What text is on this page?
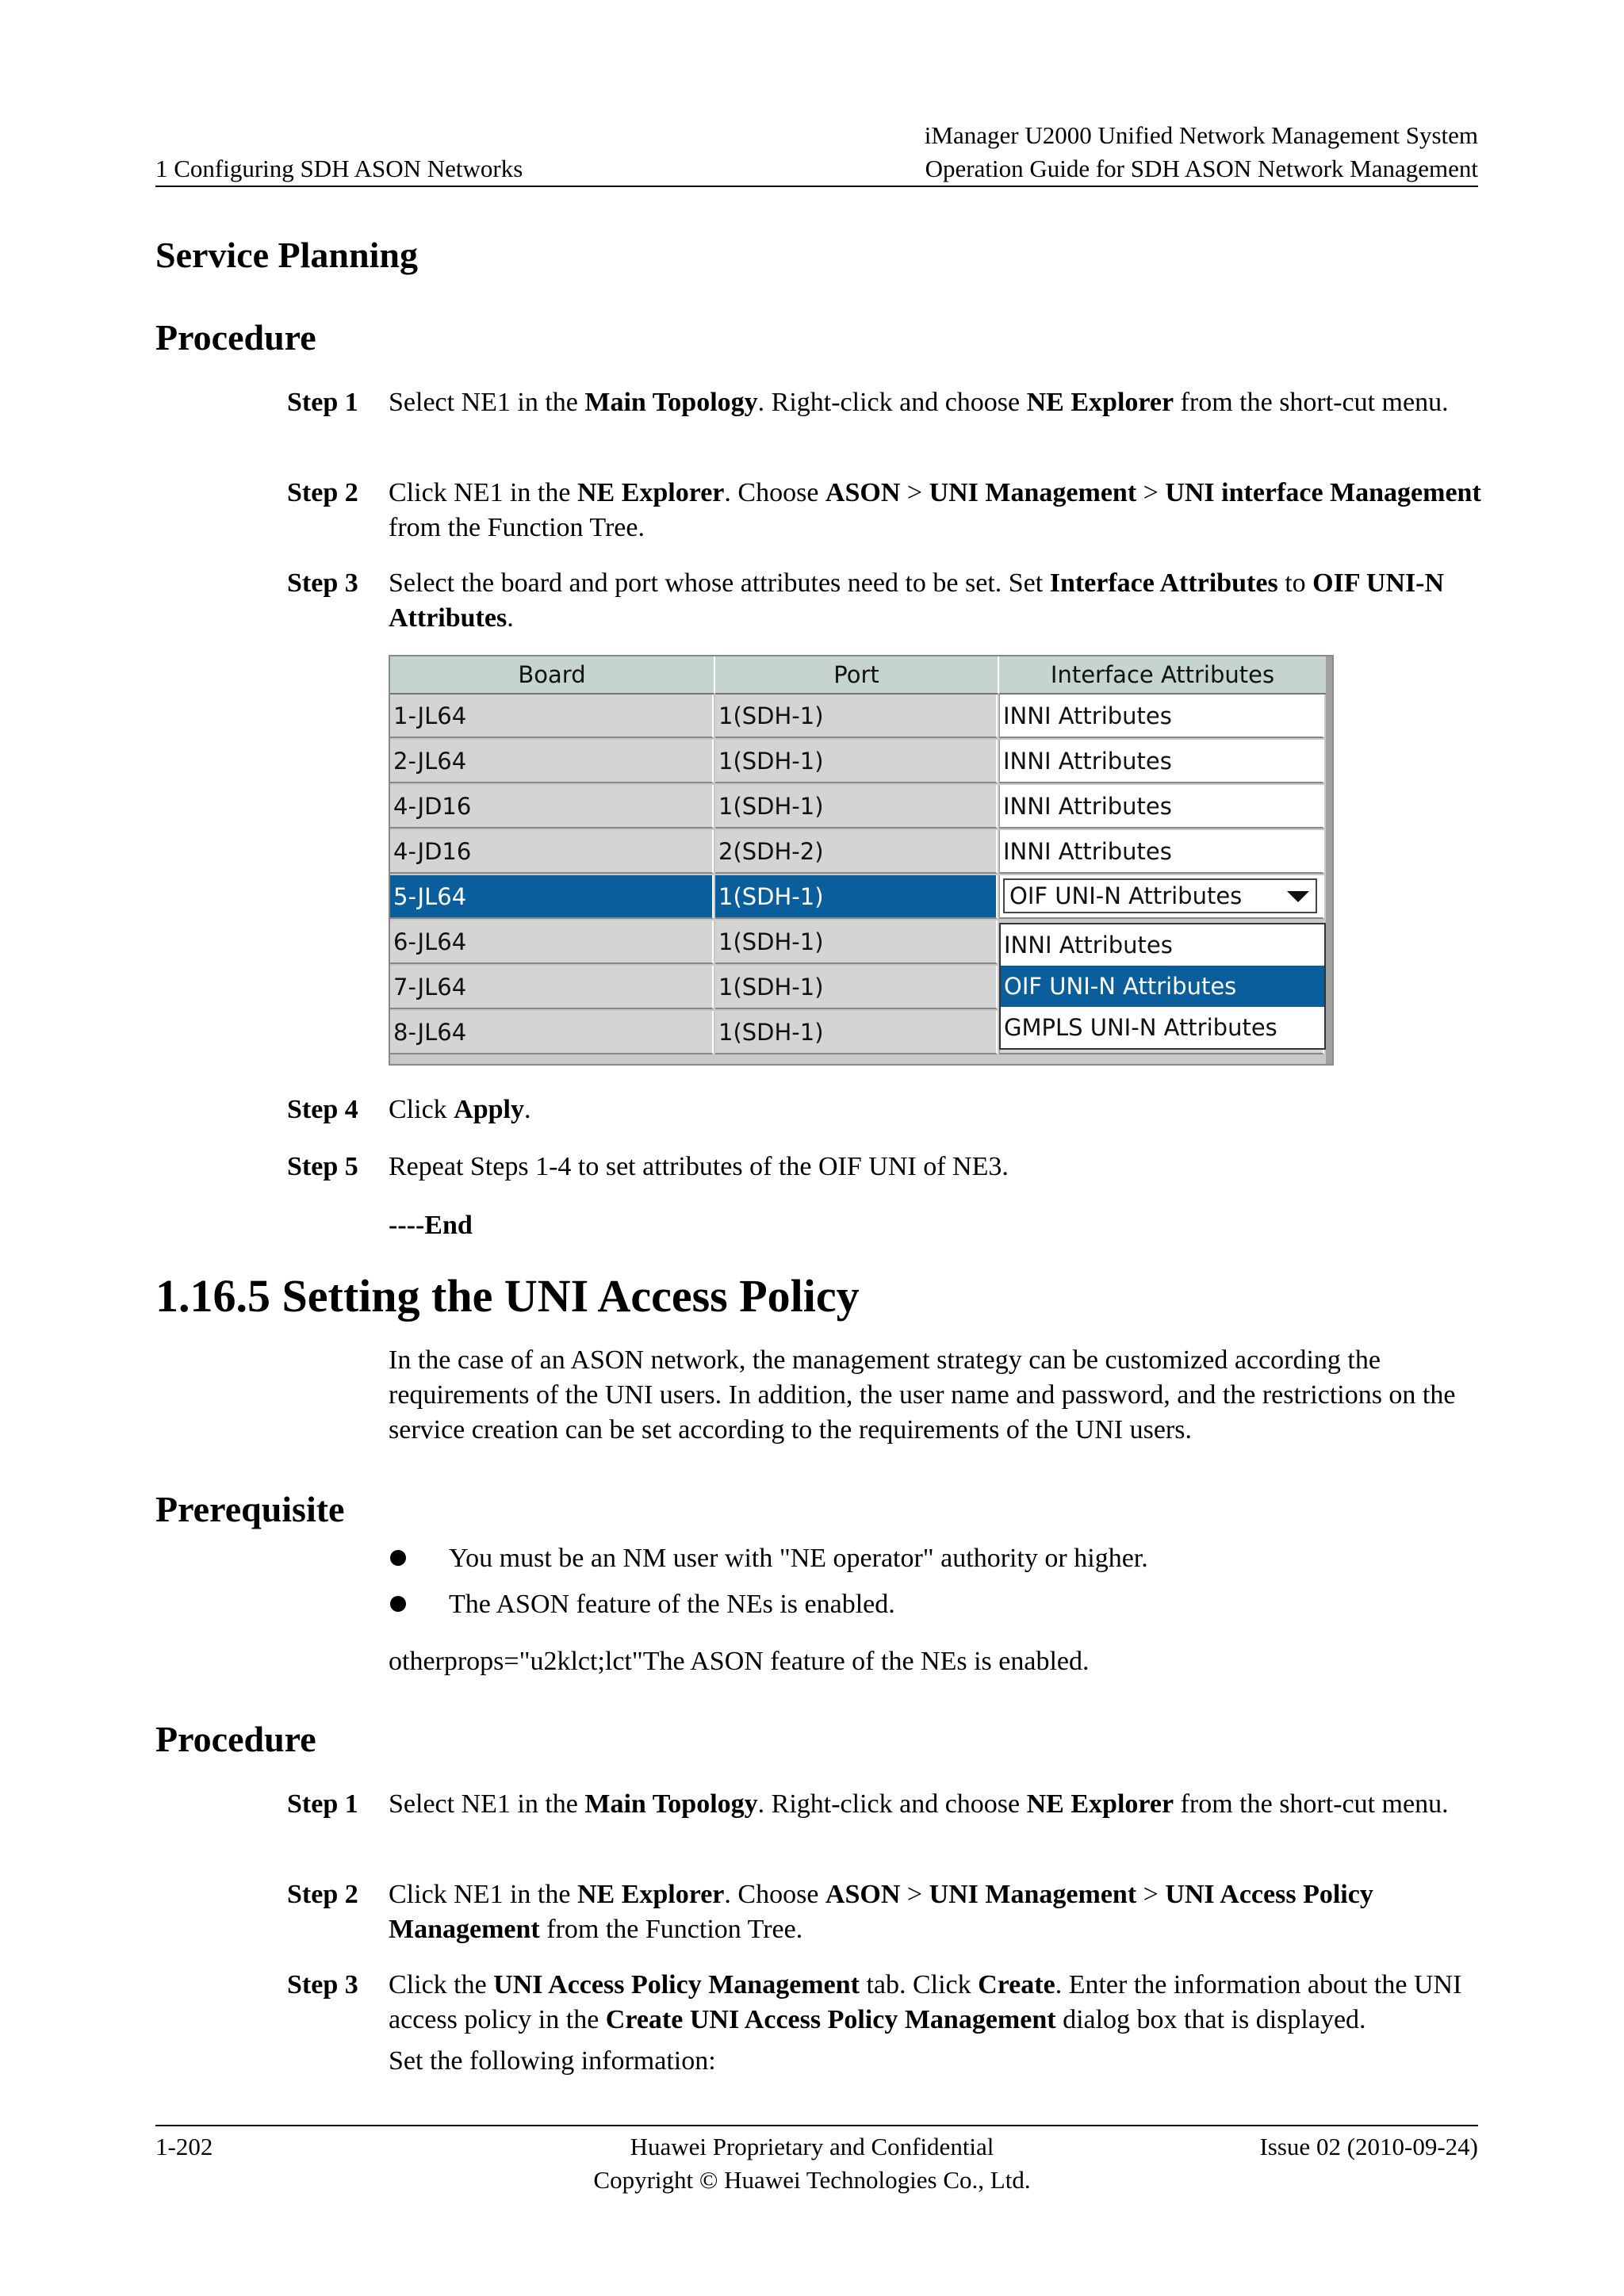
iManager U2000 Unified Network Management System
1 Configuring SDH ASON Networks	Operation Guide for SDH ASON Network Management
Service Planning
Procedure
Step 1	Select NE1 in the Main Topology. Right-click and choose NE Explorer from the short-cut menu.
Step 2	Click NE1 in the NE Explorer. Choose ASON > UNI Management > UNI interface Management from the Function Tree.
Step 3	Select the board and port whose attributes need to be set. Set Interface Attributes to OIF UNI-N Attributes.
Board	Port	Interface Attributes
1-JL64	1(SDH-1)	INNI Attributes
2-JL64	1(SDH-1)	INNI Attributes
4-JD16	1(SDH-1)	INNI Attributes
4-JD16	2(SDH-2)	INNI Attributes
5-JL64	1(SDH-1)	OIF UNI-N Attributes
6-JL64	1(SDH-1)
7-JL64	1(SDH-1)
8-JL64	1(SDH-1)
INNI Attributes
OIF UNI-N Attributes
GMPLS UNI-N Attributes
Step 4	Click Apply.
Step 5	Repeat Steps 1-4 to set attributes of the OIF UNI of NE3.
----End
1.16.5 Setting the UNI Access Policy
In the case of an ASON network, the management strategy can be customized according the requirements of the UNI users. In addition, the user name and password, and the restrictions on the service creation can be set according to the requirements of the UNI users.
Prerequisite
You must be an NM user with "NE operator" authority or higher.
The ASON feature of the NEs is enabled.
otherprops="u2klct;lct"The ASON feature of the NEs is enabled.
Procedure
Step 1	Select NE1 in the Main Topology. Right-click and choose NE Explorer from the short-cut menu.
Step 2	Click NE1 in the NE Explorer. Choose ASON > UNI Management > UNI Access Policy Management from the Function Tree.
Step 3	Click the UNI Access Policy Management tab. Click Create. Enter the information about the UNI access policy in the Create UNI Access Policy Management dialog box that is displayed.
Set the following information:
1-202	Huawei Proprietary and Confidential
Copyright © Huawei Technologies Co., Ltd.
Issue 02 (2010-09-24)
